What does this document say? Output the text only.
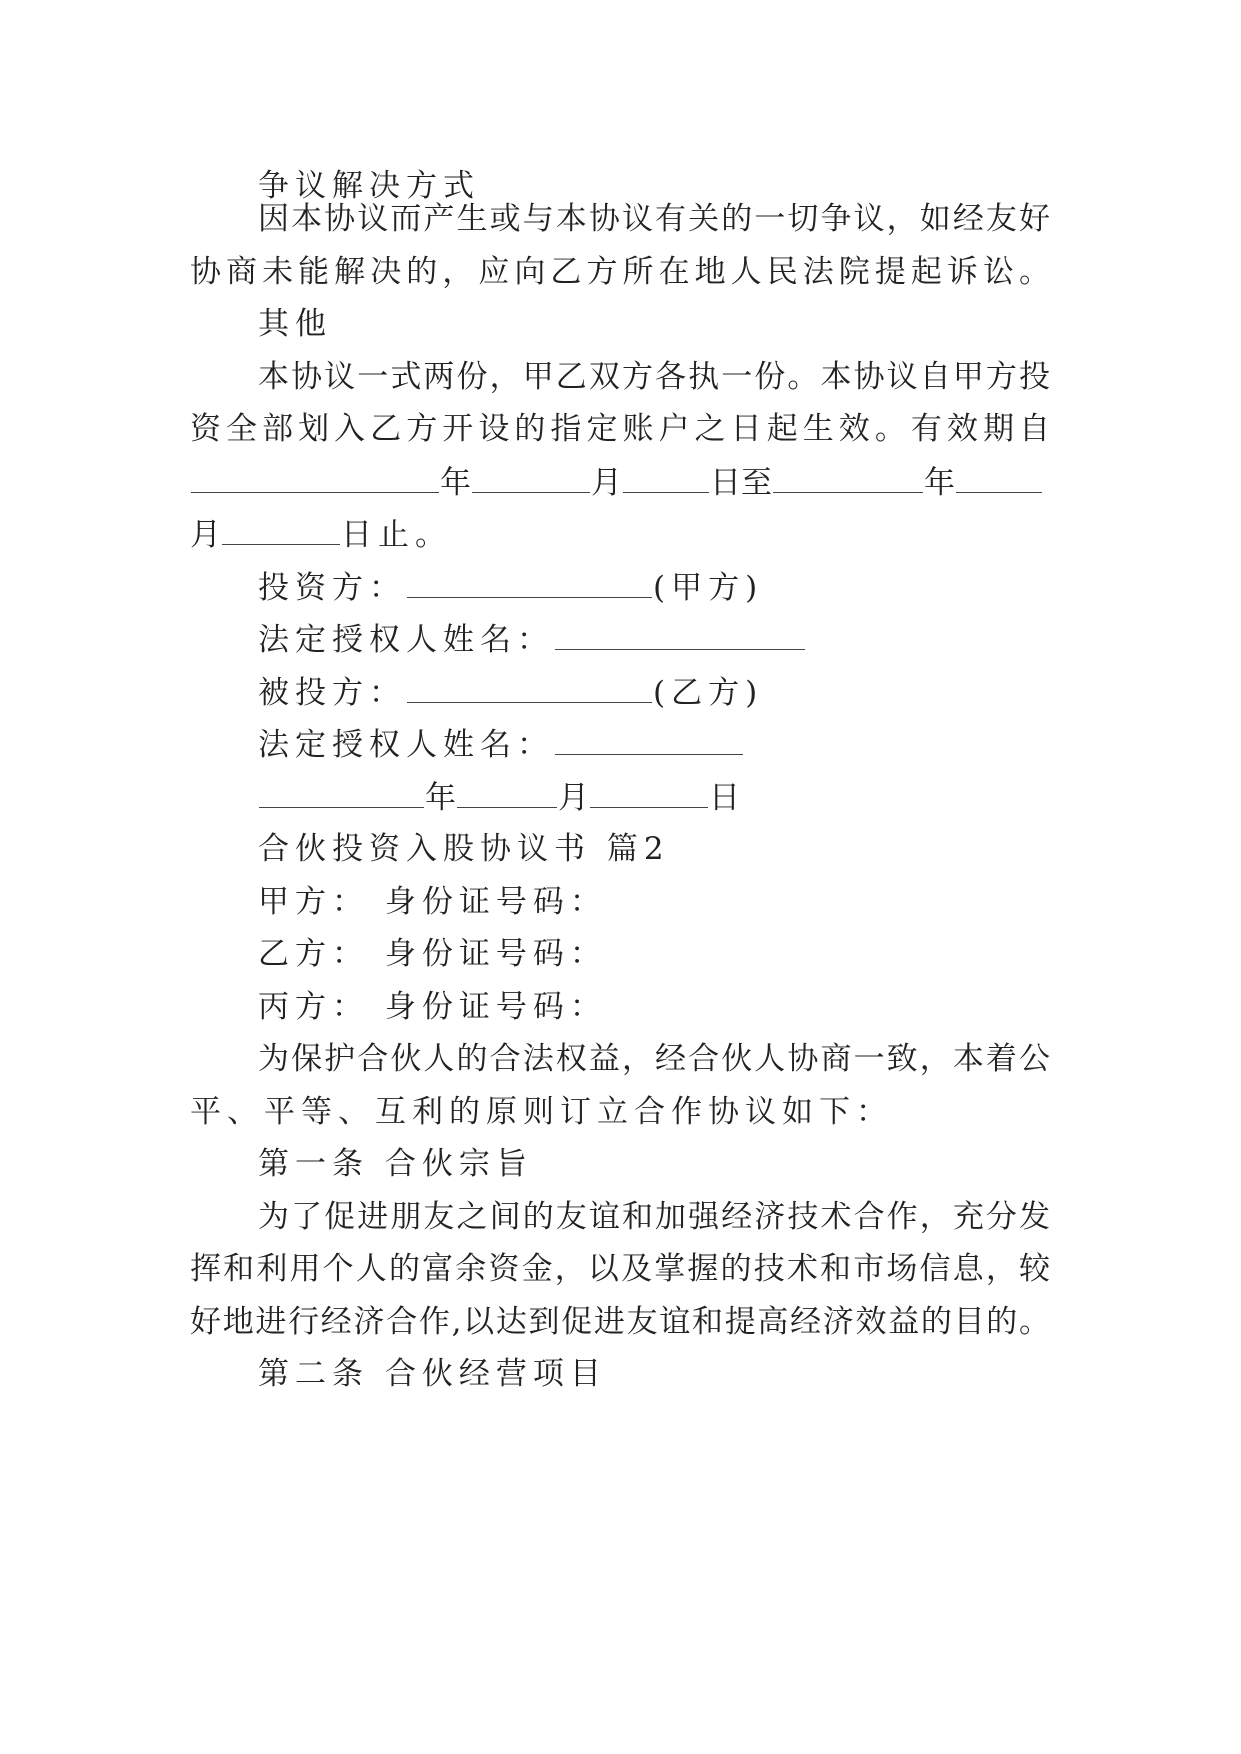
争议解决方式
因本协议而产生或与本协议有关的一切争议，如经友好
协商未能解决的，应向乙方所在地人民法院提起诉讼。
其他
本协议一式两份，甲乙双方各执一份。本协议自甲方投
资全部划入乙方开设的指定账户之日起生效。有效期自
年	月	日至	年
月	日止。
投资方：	(甲方)
法定授权人姓名：
被投方：	(乙方)
法定授权人姓名：
年	月	日
合伙投资入股协议书 篇2
甲方： 身份证号码：
乙方： 身份证号码：
丙方： 身份证号码：
为保护合伙人的合法权益，经合伙人协商一致，本着公
平、平等、互利的原则订立合作协议如下：
第一条 合伙宗旨
为了促进朋友之间的友谊和加强经济技术合作，充分发
挥和利用个人的富余资金，以及掌握的技术和市场信息，较
好地进行经济合作,以达到促进友谊和提高经济效益的目的。
第二条 合伙经营项目
